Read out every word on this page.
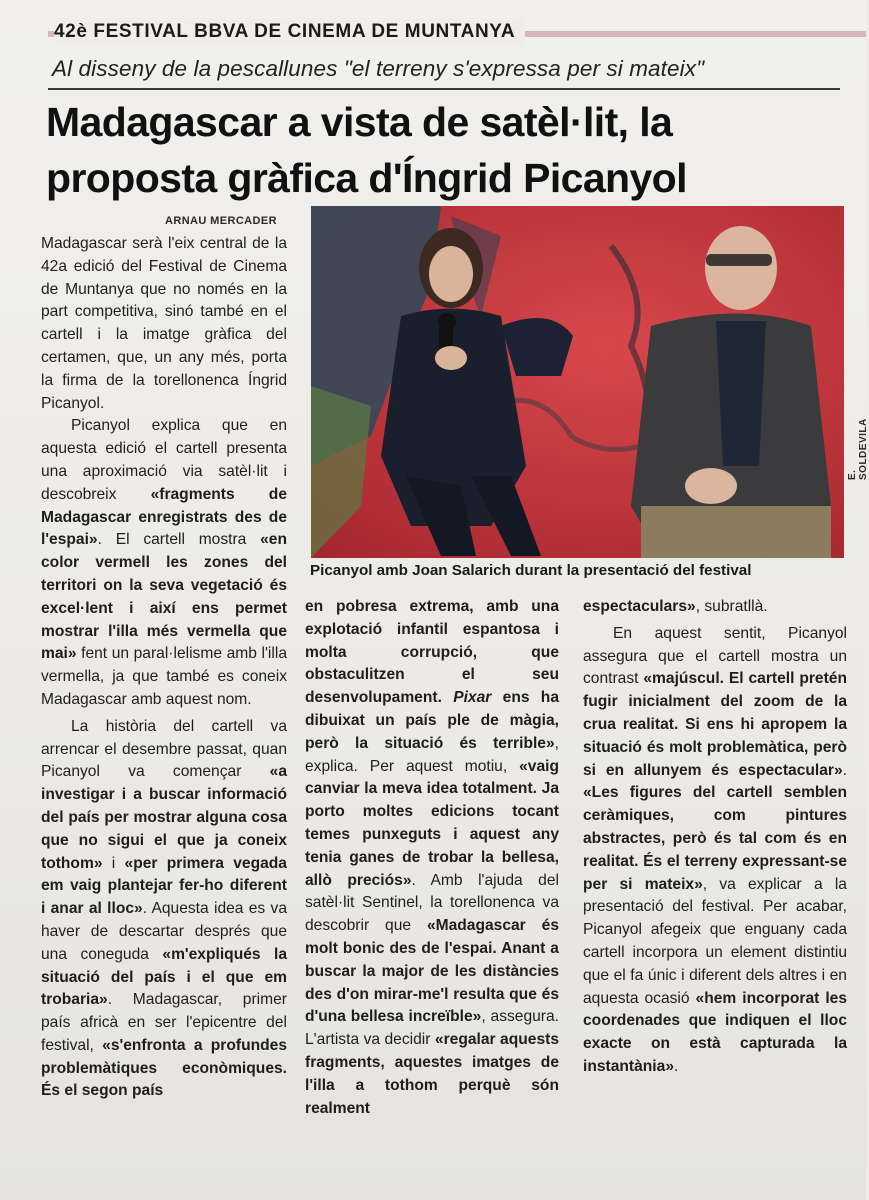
42è FESTIVAL BBVA DE CINEMA DE MUNTANYA
Al disseny de la pescallunes "el terreny s'expressa per si mateix"
Madagascar a vista de satèl·lit, la
proposta gràfica d'Íngrid Picanyol
ARNAU MERCADER

Madagascar serà l'eix central de la 42a edició del Festival de Cinema de Muntanya que no només en la part competitiva, sinó també en el cartell i la imatge gràfica del certamen, que, un any més, porta la firma de la torellonenca Íngrid Picanyol.

Picanyol explica que en aquesta edició el cartell presenta una aproximació via satèl·lit i descobreix «fragments de Madagascar enregistrats des de l'espai». El cartell mostra «en color vermell les zones del territori on la seva vegetació és excel·lent i així ens permet mostrar l'illa més vermella que mai» fent un paral·lelisme amb l'illa vermella, ja que també es coneix Madagascar amb aquest nom.

La història del cartell va arrencar el desembre passat, quan Picanyol va començar «a investigar i a buscar informació del país per mostrar alguna cosa que no sigui el que ja coneix tothom» i «per primera vegada em vaig plantejar fer-ho diferent i anar al lloc». Aquesta idea es va haver de descartar després que una coneguda «m'expliqués la situació del país i el que em trobaria». Madagascar, primer país africà en ser l'epicentre del festival, «s'enfronta a profundes problemàtiques econòmiques. És el segon país

E. SOLDEVILA
Picanyol amb Joan Salarich durant la presentació del festival

en pobresa extrema, amb una explotació infantil espantosa i molta corrupció, que obstaculitzen el seu desenvolupament. Pixar ens ha dibuixat un país ple de màgia, però la situació és terrible», explica. Per aquest motiu, «vaig canviar la meva idea totalment. Ja porto moltes edicions tocant temes punxeguts i aquest any tenia ganes de trobar la bellesa, allò preciós». Amb l'ajuda del satèl·lit Sentinel, la torellonenca va descobrir que «Madagascar és molt bonic des de l'espai. Anant a buscar la major de les distàncies des d'on mirar-me'l resulta que és d'una bellesa increïble», assegura. L'artista va decidir «regalar aquests fragments, aquestes imatges de l'illa a tothom perquè són realment

espectaculars», subratllà.

En aquest sentit, Picanyol assegura que el cartell mostra un contrast «majúscul. El cartell pretén fugir inicialment del zoom de la crua realitat. Si ens hi apropem la situació és molt problemàtica, però si en allunyem és espectacular». «Les figures del cartell semblen ceràmiques, com pintures abstractes, però és tal com és en realitat. És el terreny expressant-se per si mateix», va explicar a la presentació del festival. Per acabar, Picanyol afegeix que enguany cada cartell incorpora un element distintiu que el fa únic i diferent dels altres i en aquesta ocasió «hem incorporat les coordenades que indiquen el lloc exacte on està capturada la instantània».
